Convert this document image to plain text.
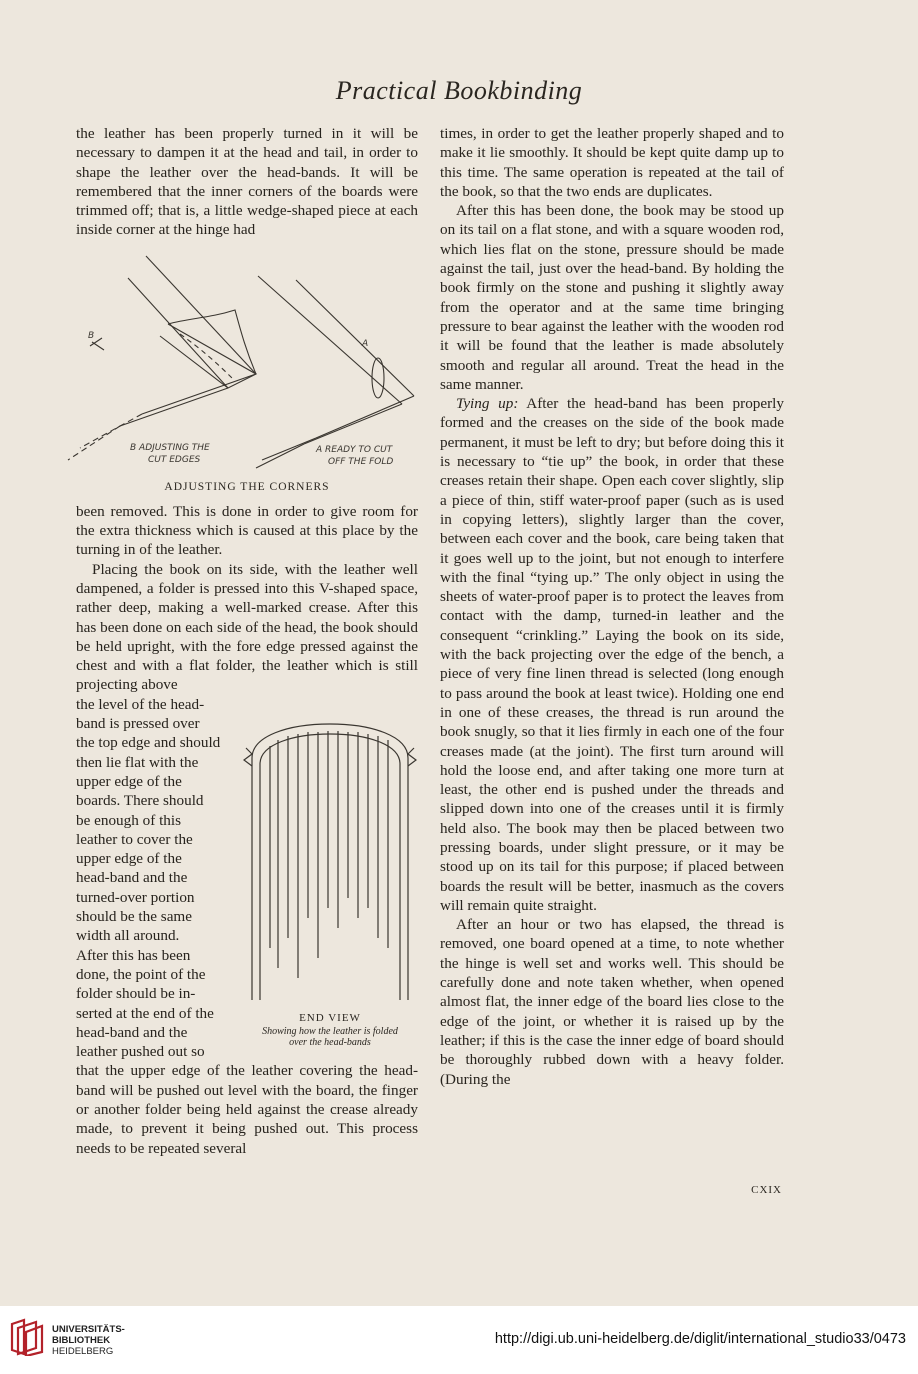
Practical Bookbinding
B
A
B ADJUSTING THE
CUT EDGES
A READY TO CUT
OFF THE FOLD
ADJUSTING THE CORNERS
END VIEW
Showing how the leather is folded
over the head-bands

the leather has been properly turned in it will be necessary to dampen it at the head and tail, in order to shape the leather over the head-bands. It will be remembered that the inner corners of the boards were trimmed off; that is, a little wedge-shaped piece at each inside corner at the hinge had

been removed. This is done in order to give room for the extra thickness which is caused at this place by the turning in of the leather.

Placing the book on its side, with the leather well dampened, a folder is pressed into this V-shaped space, rather deep, making a well-marked crease. After this has been done on each side of the head, the book should be held upright, with the fore edge pressed against the chest and with a flat folder, the leather which is still projecting above

the level of the head-
band is pressed over
the top edge and should
then lie flat with the
upper edge of the
boards. There should
be enough of this
leather to cover the
upper edge of the
head-band and the
turned-over portion
should be the same
width all around.
After this has been
done, the point of the
folder should be in-
serted at the end of the
head-band and the
leather pushed out so

that the upper edge of the leather covering the head-band will be pushed out level with the board, the finger or another folder being held against the crease already made, to prevent it being pushed out. This process needs to be repeated several

times, in order to get the leather properly shaped and to make it lie smoothly. It should be kept quite damp up to this time. The same operation is repeated at the tail of the book, so that the two ends are duplicates.

After this has been done, the book may be stood up on its tail on a flat stone, and with a square wooden rod, which lies flat on the stone, pressure should be made against the tail, just over the head-band. By holding the book firmly on the stone and pushing it slightly away from the operator and at the same time bringing pressure to bear against the leather with the wooden rod it will be found that the leather is made absolutely smooth and regular all around. Treat the head in the same manner.

Tying up: After the head-band has been properly formed and the creases on the side of the book made permanent, it must be left to dry; but before doing this it is necessary to “tie up” the book, in order that these creases retain their shape. Open each cover slightly, slip a piece of thin, stiff water-proof paper (such as is used in copying letters), slightly larger than the cover, between each cover and the book, care being taken that it goes well up to the joint, but not enough to interfere with the final “tying up.” The only object in using the sheets of water-proof paper is to protect the leaves from contact with the damp, turned-in leather and the consequent “crinkling.” Laying the book on its side, with the back projecting over the edge of the bench, a piece of very fine linen thread is selected (long enough to pass around the book at least twice). Holding one end in one of these creases, the thread is run around the book snugly, so that it lies firmly in each one of the four creases made (at the joint). The first turn around will hold the loose end, and after taking one more turn at least, the other end is pushed under the threads and slipped down into one of the creases until it is firmly held also. The book may then be placed between two pressing boards, under slight pressure, or it may be stood up on its tail for this purpose; if placed between boards the result will be better, inasmuch as the covers will remain quite straight.

After an hour or two has elapsed, the thread is removed, one board opened at a time, to note whether the hinge is well set and works well. This should be carefully done and note taken whether, when opened almost flat, the inner edge of the board lies close to the edge of the joint, or whether it is raised up by the leather; if this is the case the inner edge of board should be thoroughly rubbed down with a heavy folder. (During the

CXIX
UNIVERSITÄTS-
BIBLIOTHEK
HEIDELBERG
http://digi.ub.uni-heidelberg.de/diglit/international_studio33/0473
